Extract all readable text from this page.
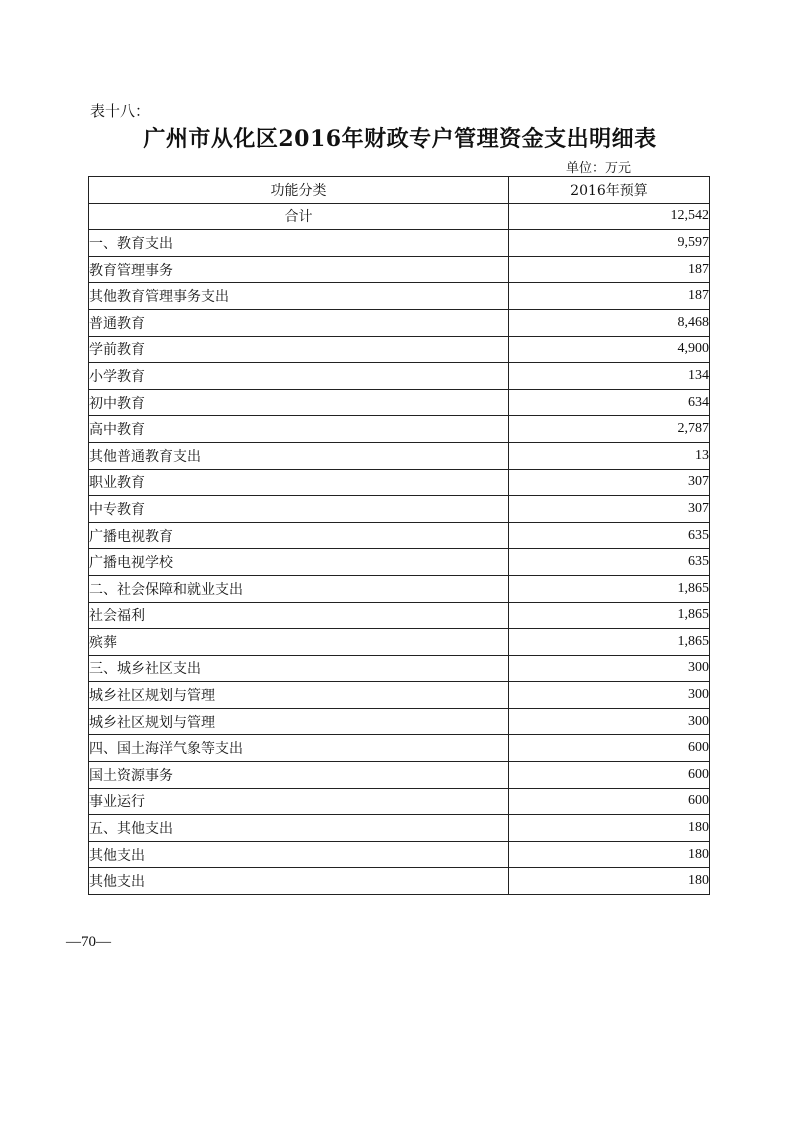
表十八：
广州市从化区2016年财政专户管理资金支出明细表
单位：万元
功能分类	2016年预算
合计	12,542
一、教育支出	9,597
教育管理事务	187
其他教育管理事务支出	187
普通教育	8,468
学前教育	4,900
小学教育	134
初中教育	634
高中教育	2,787
其他普通教育支出	13
职业教育	307
中专教育	307
广播电视教育	635
广播电视学校	635
二、社会保障和就业支出	1,865
社会福利	1,865
殡葬	1,865
三、城乡社区支出	300
城乡社区规划与管理	300
城乡社区规划与管理	300
四、国土海洋气象等支出	600
国土资源事务	600
事业运行	600
五、其他支出	180
其他支出	180
其他支出	180
—70—
